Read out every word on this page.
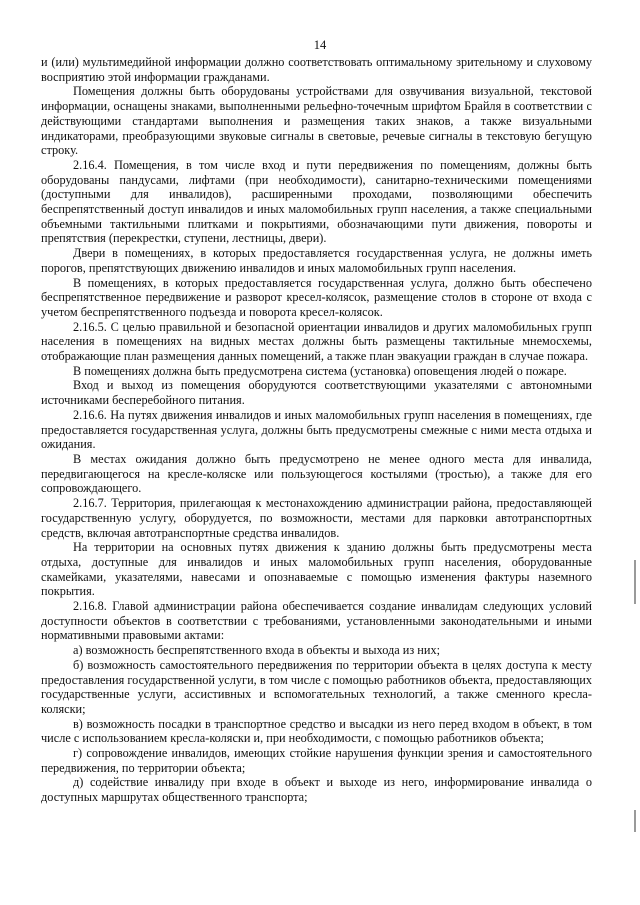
14

и (или) мультимедийной информации должно соответствовать оптимальному зрительному и слуховому восприятию этой информации гражданами.

Помещения должны быть оборудованы устройствами для озвучивания визуальной, текстовой информации, оснащены знаками, выполненными рельефно-точечным шрифтом Брайля в соответствии с действующими стандартами выполнения и размещения таких знаков, а также визуальными индикаторами, преобразующими звуковые сигналы в световые, речевые сигналы в текстовую бегущую строку.

2.16.4. Помещения, в том числе вход и пути передвижения по помещениям, должны быть оборудованы пандусами, лифтами (при необходимости), санитарно-техническими помещениями (доступными для инвалидов), расширенными проходами, позволяющими обеспечить беспрепятственный доступ инвалидов и иных маломобильных групп населения, а также специальными объемными тактильными плитками и покрытиями, обозначающими пути движения, повороты и препятствия (перекрестки, ступени, лестницы, двери).

Двери в помещениях, в которых предоставляется государственная услуга, не должны иметь порогов, препятствующих движению инвалидов и иных маломобильных групп населения.

В помещениях, в которых предоставляется государственная услуга, должно быть обеспечено беспрепятственное передвижение и разворот кресел-колясок, размещение столов в стороне от входа с учетом беспрепятственного подъезда и поворота кресел-колясок.

2.16.5. С целью правильной и безопасной ориентации инвалидов и других маломобильных групп населения в помещениях на видных местах должны быть размещены тактильные мнемосхемы, отображающие план размещения данных помещений, а также план эвакуации граждан в случае пожара.

В помещениях должна быть предусмотрена система (установка) оповещения людей о пожаре.

Вход и выход из помещения оборудуются соответствующими указателями с автономными источниками бесперебойного питания.

2.16.6. На путях движения инвалидов и иных маломобильных групп населения в помещениях, где предоставляется государственная услуга, должны быть предусмотрены смежные с ними места отдыха и ожидания.

В местах ожидания должно быть предусмотрено не менее одного места для инвалида, передвигающегося на кресле-коляске или пользующегося костылями (тростью), а также для его сопровождающего.

2.16.7. Территория, прилегающая к местонахождению администрации района, предоставляющей государственную услугу, оборудуется, по возможности, местами для парковки автотранспортных средств, включая автотранспортные средства инвалидов.

На территории на основных путях движения к зданию должны быть предусмотрены места отдыха, доступные для инвалидов и иных маломобильных групп населения, оборудованные скамейками, указателями, навесами и опознаваемые с помощью изменения фактуры наземного покрытия.

2.16.8. Главой администрации района обеспечивается создание инвалидам следующих условий доступности объектов в соответствии с требованиями, установленными законодательными и иными нормативными правовыми актами:

а) возможность беспрепятственного входа в объекты и выхода из них;

б) возможность самостоятельного передвижения по территории объекта в целях доступа к месту предоставления государственной услуги, в том числе с помощью работников объекта, предоставляющих государственные услуги, ассистивных и вспомогательных технологий, а также сменного кресла-коляски;

в) возможность посадки в транспортное средство и высадки из него перед входом в объект, в том числе с использованием кресла-коляски и, при необходимости, с помощью работников объекта;

г) сопровождение инвалидов, имеющих стойкие нарушения функции зрения и самостоятельного передвижения, по территории объекта;

д) содействие инвалиду при входе в объект и выходе из него, информирование инвалида о доступных маршрутах общественного транспорта;
